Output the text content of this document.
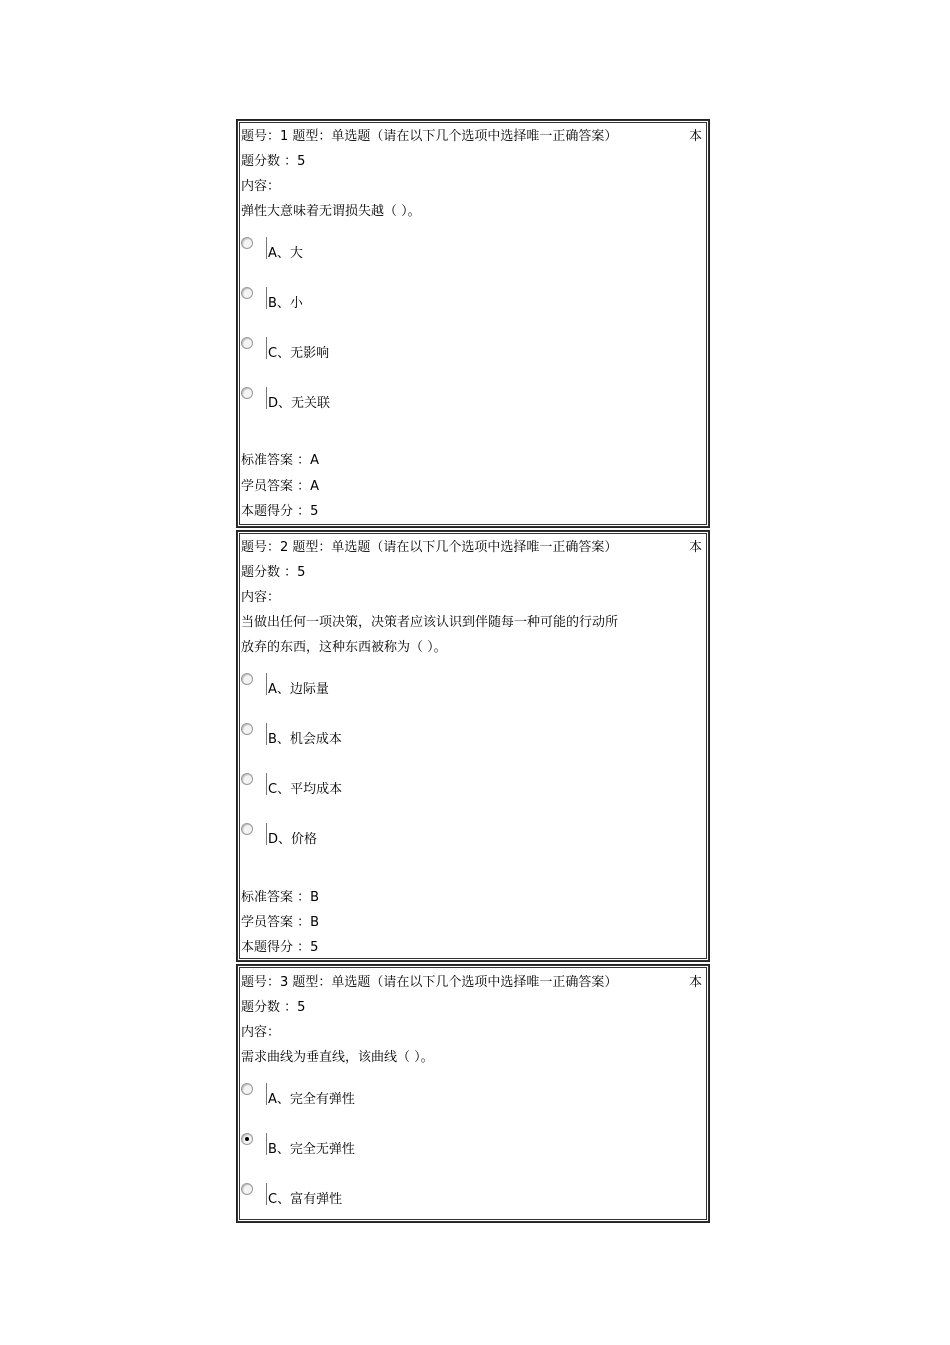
题号：1 题型：单选题（请在以下几个选项中选择唯一正确答案）	本
题分数 ：5
内容：
弹性大意味着无谓损失越（ ）。
A、大
B、小
C、无影响
D、无关联
标准答案 ：A
学员答案 ：A
本题得分 ：5
题号：2 题型：单选题（请在以下几个选项中选择唯一正确答案）	本
题分数 ：5
内容：
当做出任何一项决策，决策者应该认识到伴随每一种可能的行动所
放弃的东西，这种东西被称为（ ）。
A、边际量
B、机会成本
C、平均成本
D、价格
标准答案 ：B
学员答案 ：B
本题得分 ：5
题号：3 题型：单选题（请在以下几个选项中选择唯一正确答案）	本
题分数 ：5
内容：
需求曲线为垂直线，该曲线（ ）。
A、完全有弹性
B、完全无弹性
C、富有弹性
